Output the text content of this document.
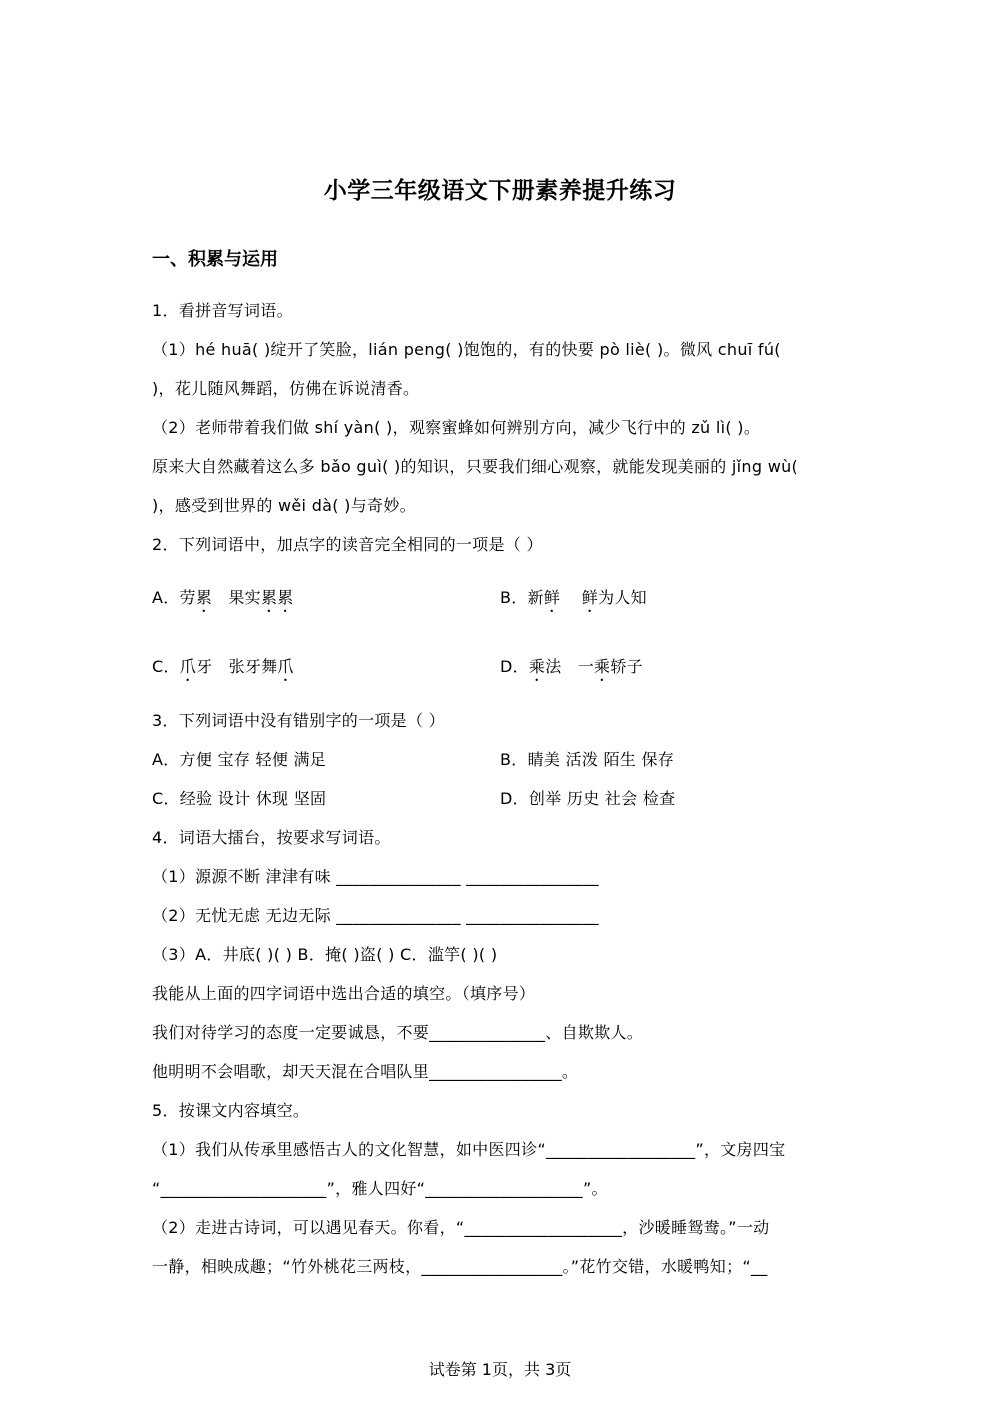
小学三年级语文下册素养提升练习
一、积累与运用
1．看拼音写词语。
（1）hé huā( )绽开了笑脸，lián peng( )饱饱的，有的快要 pò liè( )。微风 chuī fú(
)，花儿随风舞蹈，仿佛在诉说清香。
（2）老师带着我们做 shí yàn( )，观察蜜蜂如何辨别方向，减少飞行中的 zǔ lì( )。
原来大自然藏着这么多 bǎo guì( )的知识，只要我们细心观察，就能发现美丽的 jǐng wù(
)，感受到世界的 wěi dà( )与奇妙。
2．下列词语中，加点字的读音完全相同的一项是（ ）
A．劳累 果实累累	B．新鲜 鲜为人知
C．爪牙 张牙舞爪	D．乘法 一乘轿子
3．下列词语中没有错别字的一项是（ ）
A．方便 宝存 轻便 满足	B．睛美 活泼 陌生 保存
C．经验 设计 休现 坚固	D．创举 历史 社会 检查
4．词语大擂台，按要求写词语。
（1）源源不断 津津有味 _______________ ________________
（2）无忧无虑 无边无际 _______________ ________________
（3）A．井底( )( ) B．掩( )盗( ) C．滥竽( )( )
我能从上面的四字词语中选出合适的填空。（填序号）
我们对待学习的态度一定要诚恳，不要______________、自欺欺人。
他明明不会唱歌，却天天混在合唱队里________________。
5．按课文内容填空。
（1）我们从传承里感悟古人的文化智慧，如中医四诊“__________________”，文房四宝
“____________________”，雅人四好“___________________”。
（2）走进古诗词，可以遇见春天。你看，“___________________，沙暖睡鸳鸯。”一动
一静，相映成趣；“竹外桃花三两枝，_________________。”花竹交错，水暖鸭知；“__
试卷第 1页，共 3页
